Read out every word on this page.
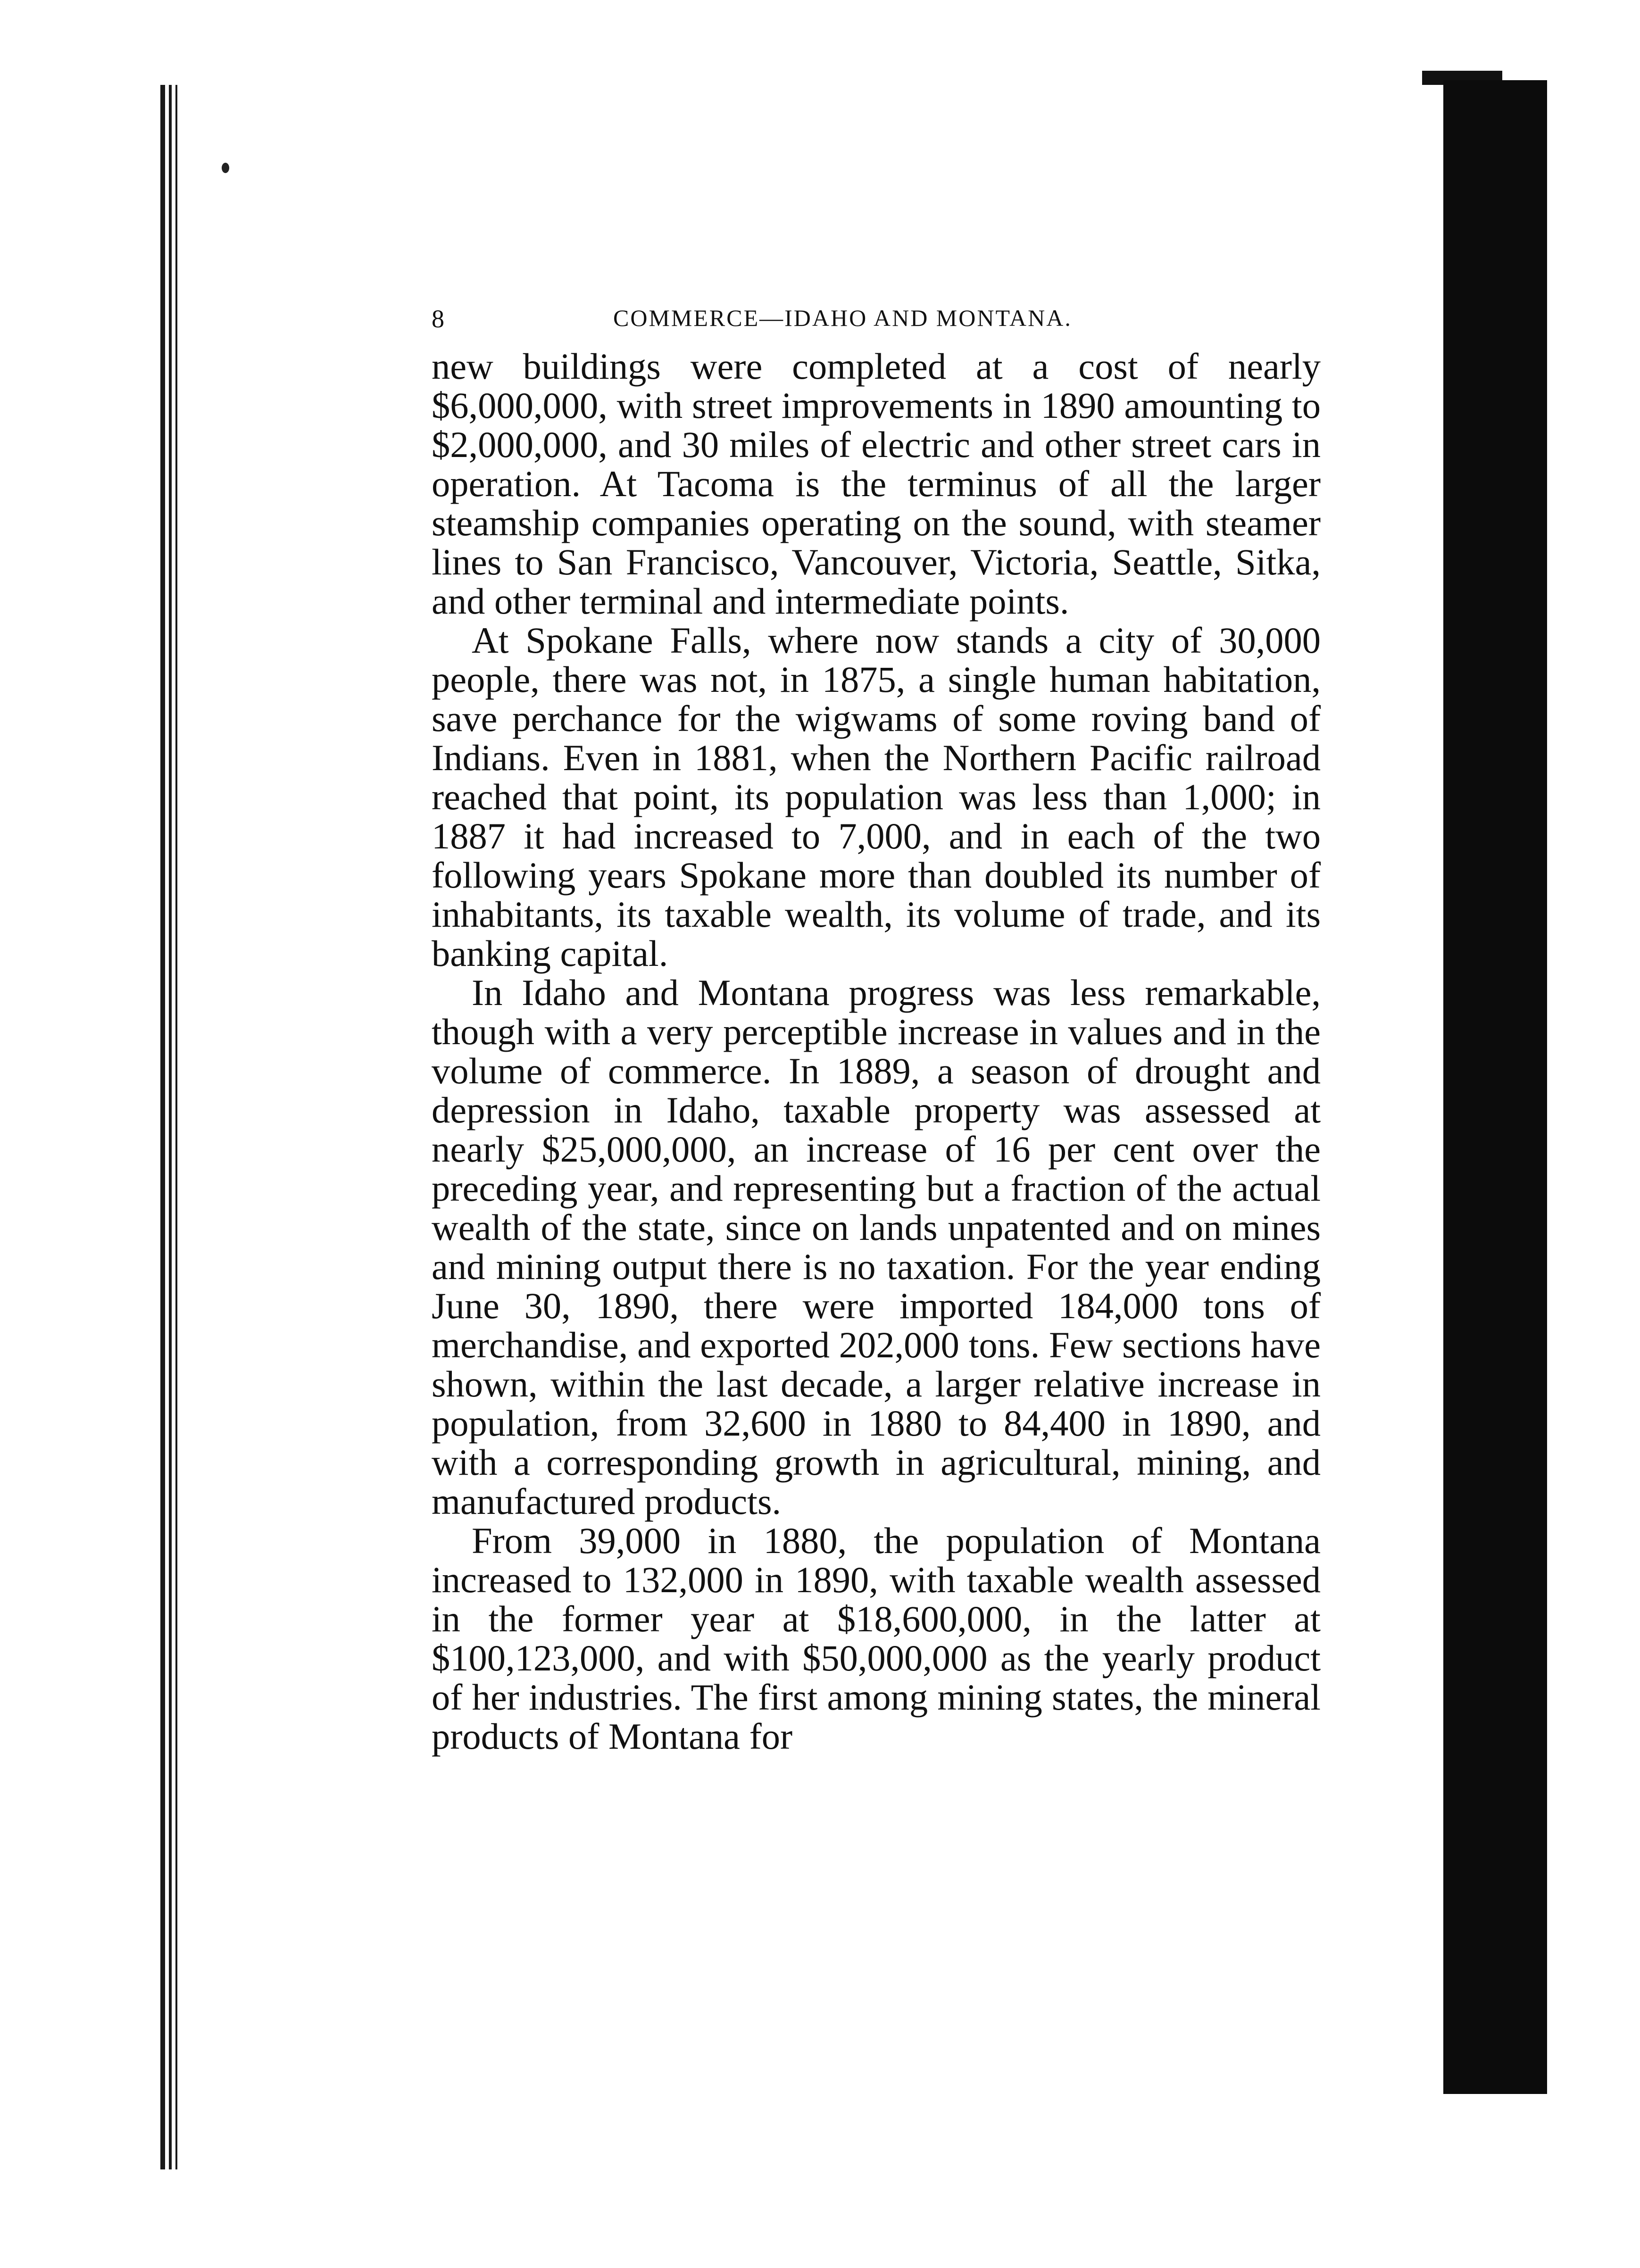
8	COMMERCE—IDAHO AND MONTANA.

new buildings were completed at a cost of nearly $6,000,000, with street improvements in 1890 amounting to $2,000,000, and 30 miles of electric and other street cars in operation. At Tacoma is the terminus of all the larger steamship companies operating on the sound, with steamer lines to San Francisco, Vancouver, Victoria, Seattle, Sitka, and other terminal and intermediate points.

At Spokane Falls, where now stands a city of 30,000 people, there was not, in 1875, a single human habitation, save perchance for the wigwams of some roving band of Indians. Even in 1881, when the Northern Pacific railroad reached that point, its population was less than 1,000; in 1887 it had increased to 7,000, and in each of the two following years Spokane more than doubled its number of inhabitants, its taxable wealth, its volume of trade, and its banking capital.

In Idaho and Montana progress was less remarkable, though with a very perceptible increase in values and in the volume of commerce. In 1889, a season of drought and depression in Idaho, taxable property was assessed at nearly $25,000,000, an increase of 16 per cent over the preceding year, and representing but a fraction of the actual wealth of the state, since on lands unpatented and on mines and mining output there is no taxation. For the year ending June 30, 1890, there were imported 184,000 tons of merchandise, and exported 202,000 tons. Few sections have shown, within the last decade, a larger relative increase in population, from 32,600 in 1880 to 84,400 in 1890, and with a corresponding growth in agricultural, mining, and manufactured products.

From 39,000 in 1880, the population of Montana increased to 132,000 in 1890, with taxable wealth assessed in the former year at $18,600,000, in the latter at $100,123,000, and with $50,000,000 as the yearly product of her industries. The first among mining states, the mineral products of Montana for
